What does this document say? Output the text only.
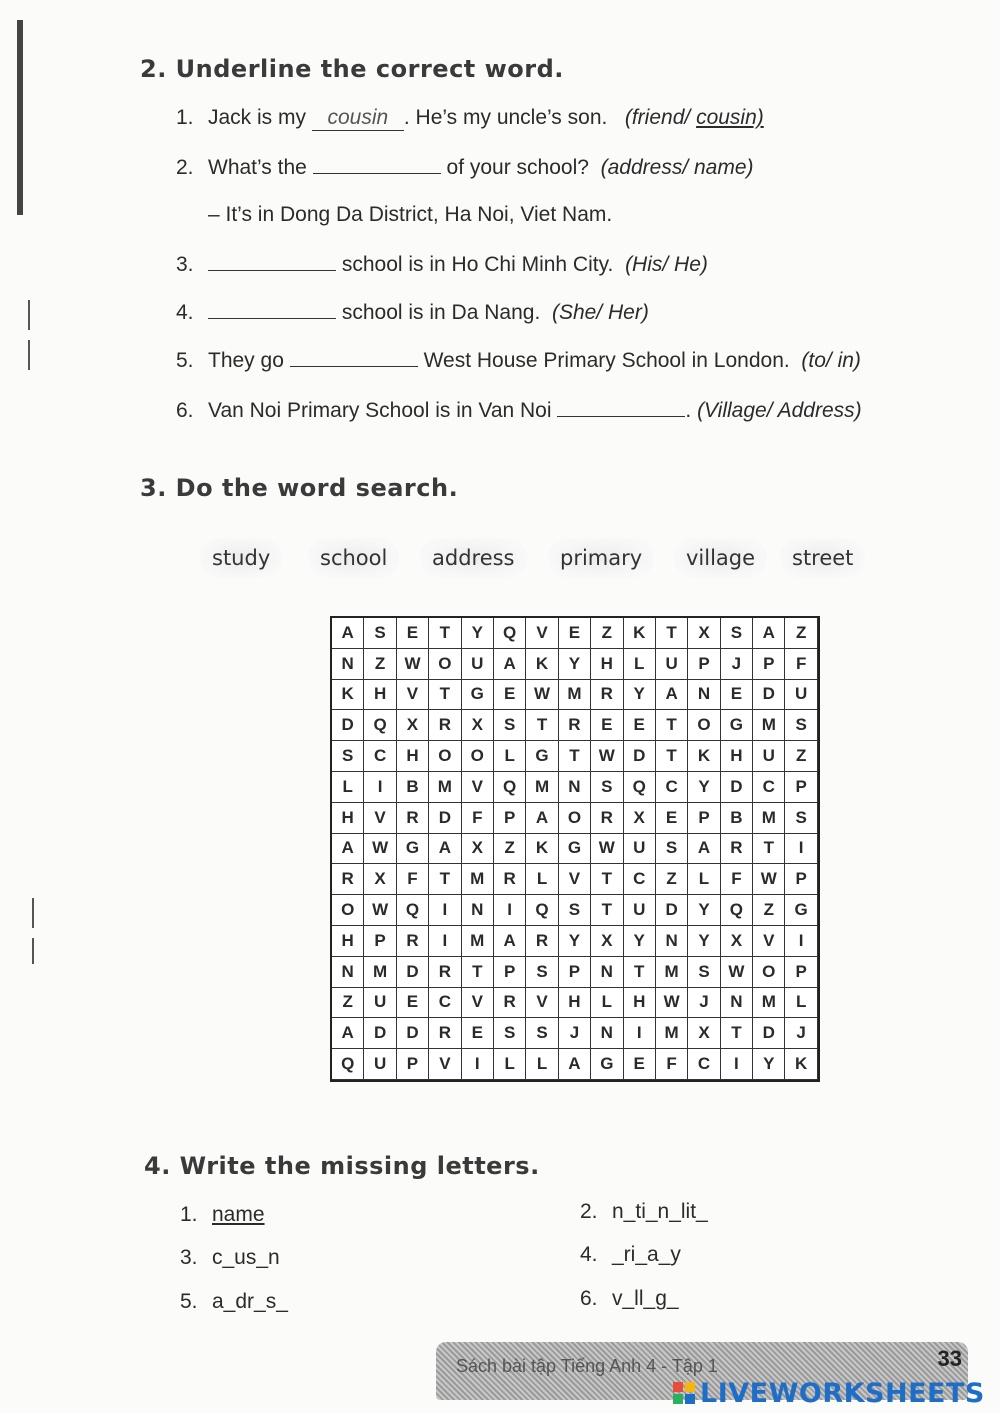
2. Underline the correct word.
1. Jack is my cousin . He’s my uncle’s son. (friend/ cousin)
2. What’s the	of your school? (address/ name)
– It’s in Dong Da District, Ha Noi, Viet Nam.
3.	school is in Ho Chi Minh City. (His/ He)
4.	school is in Da Nang. (She/ Her)
5. They go	West House Primary School in London. (to/ in)
6. Van Noi Primary School is in Van Noi	. (Village/ Address)
3. Do the word search.
study	school	address	primary	village	street
A	S	E	T	Y	Q	V	E	Z	K	T	X	S	A	Z
N	Z	W	O	U	A	K	Y	H	L	U	P	J	P	F
K	H	V	T	G	E	W	M	R	Y	A	N	E	D	U
D	Q	X	R	X	S	T	R	E	E	T	O	G	M	S
S	C	H	O	O	L	G	T	W	D	T	K	H	U	Z
L	I	B	M	V	Q	M	N	S	Q	C	Y	D	C	P
H	V	R	D	F	P	A	O	R	X	E	P	B	M	S
A	W	G	A	X	Z	K	G	W	U	S	A	R	T	I
R	X	F	T	M	R	L	V	T	C	Z	L	F	W	P
O	W	Q	I	N	I	Q	S	T	U	D	Y	Q	Z	G
H	P	R	I	M	A	R	Y	X	Y	N	Y	X	V	I
N	M	D	R	T	P	S	P	N	T	M	S	W	O	P
Z	U	E	C	V	R	V	H	L	H	W	J	N	M	L
A	D	D	R	E	S	S	J	N	I	M	X	T	D	J
Q	U	P	V	I	L	L	A	G	E	F	C	I	Y	K
4. Write the missing letters.
1. name	2. n_ti_n_lit_
3. c_us_n	4. _ri_a_y
5. a_dr_s_	6. v_ll_g_
Sách bài tập Tiếng Anh 4 - Tập 1	33
LIVEWORKSHEETS
